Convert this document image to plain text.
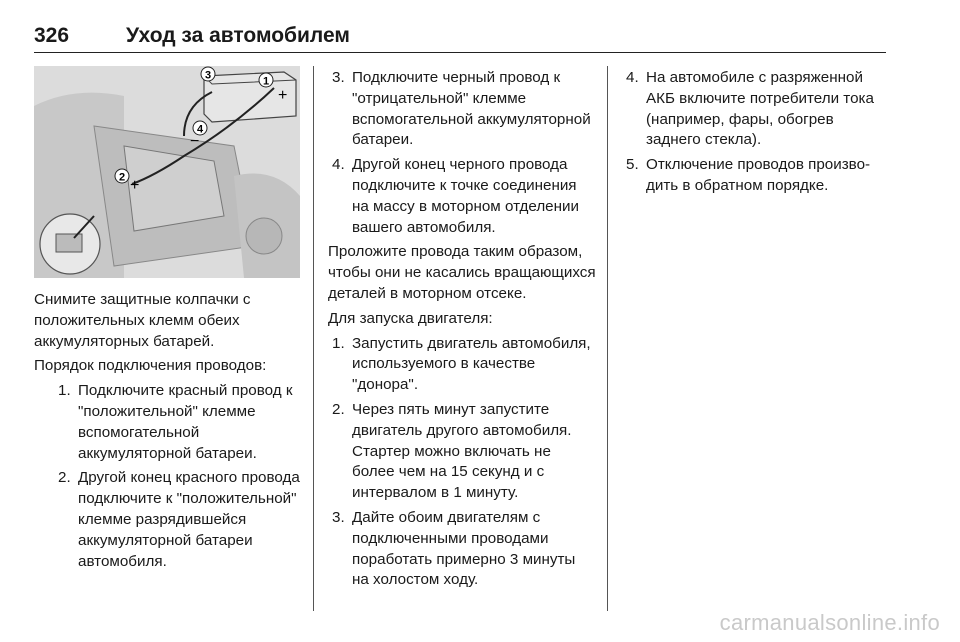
326	Уход за автомобилем
1
2
3
4
+
+
−

Снимите защитные колпачки с положительных клемм обеих аккумуляторных батарей.

Порядок подключения проводов:

1. Подключите красный провод к "положительной" клемме вспомогательной аккумуляторной батареи.
2. Другой конец красного провода подключите к "положительной" клемме разрядившейся аккумуляторной батареи автомобиля.
3. Подключите черный провод к "отрицательной" клемме вспомогательной аккумуляторной батареи.
4. Другой конец черного провода подключите к точке соединения на массу в моторном отделении вашего автомобиля.

Проложите провода таким образом, чтобы они не касались вращающихся деталей в моторном отсеке.

Для запуска двигателя:

1. Запустить двигатель автомобиля, используемого в качестве "донора".
2. Через пять минут запустите двигатель другого автомобиля. Стартер можно включать не более чем на 15 секунд и с интервалом в 1 минуту.
3. Дайте обоим двигателям с подключенными проводами поработать примерно 3 минуты на холостом ходу.
4. На автомобиле с разряженной АКБ включите потребители тока (например, фары, обогрев заднего стекла).
5. Отключение проводов производить в обратном порядке.
carmanualsonline.info
